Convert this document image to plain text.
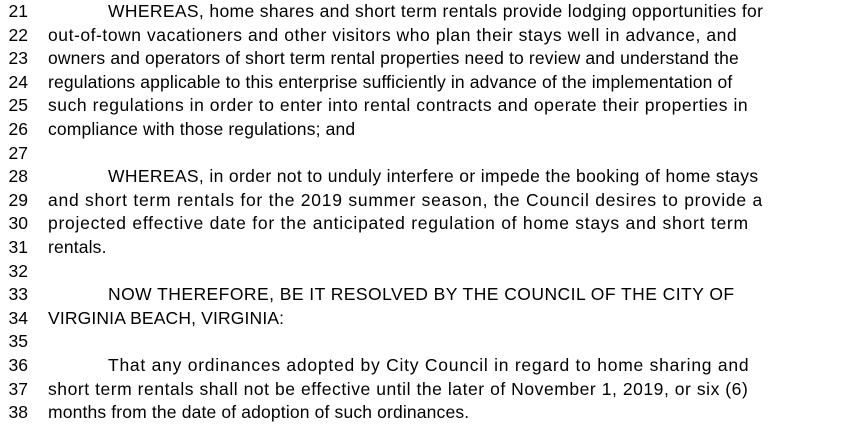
21	WHEREAS, home shares and short term rentals provide lodging opportunities for
22	out-of-town vacationers and other visitors who plan their stays well in advance, and
23	owners and operators of short term rental properties need to review and understand the
24	regulations applicable to this enterprise sufficiently in advance of the implementation of
25	such regulations in order to enter into rental contracts and operate their properties in
26	compliance with those regulations; and
27
28	WHEREAS, in order not to unduly interfere or impede the booking of home stays
29	and short term rentals for the 2019 summer season, the Council desires to provide a
30	projected effective date for the anticipated regulation of home stays and short term
31	rentals.
32
33	NOW THEREFORE, BE IT RESOLVED BY THE COUNCIL OF THE CITY OF
34	VIRGINIA BEACH, VIRGINIA:
35
36	That any ordinances adopted by City Council in regard to home sharing and
37	short term rentals shall not be effective until the later of November 1, 2019, or six (6)
38	months from the date of adoption of such ordinances.
